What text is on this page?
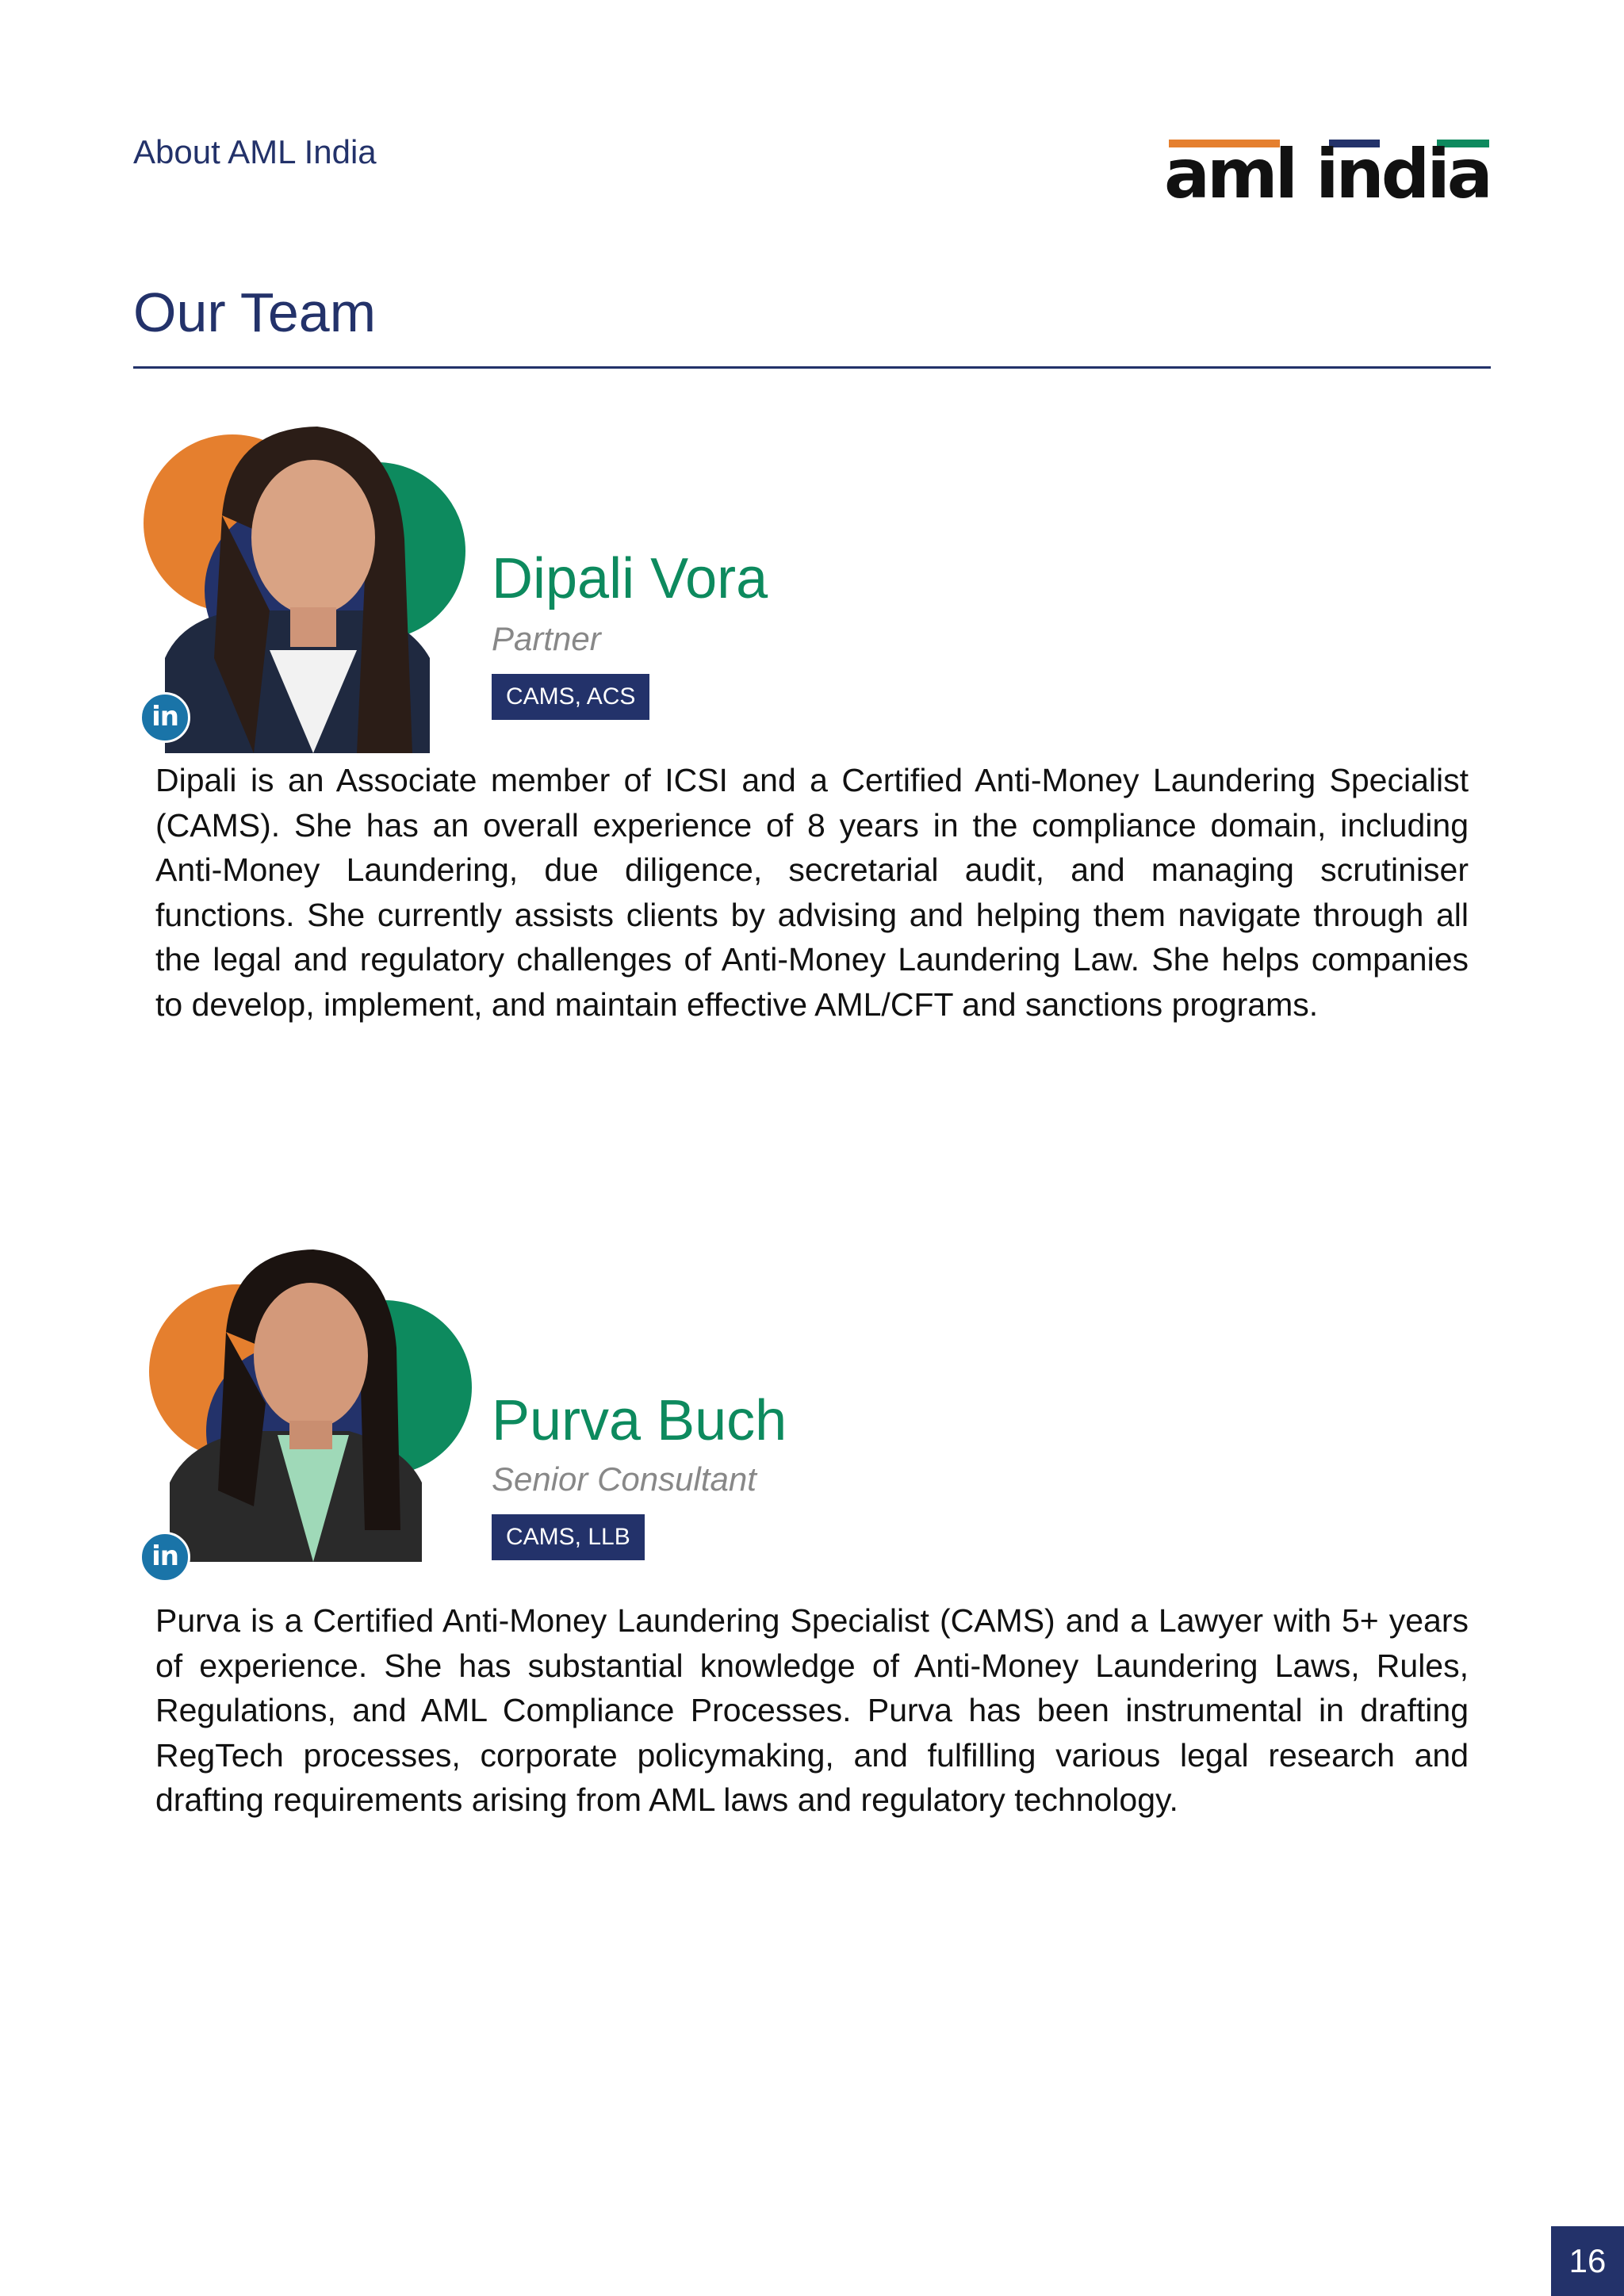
About AML India	aml india
Our Team
in
Dipali Vora
Partner
CAMS, ACS

Dipali is an Associate member of ICSI and a Certified Anti-Money Laundering Specialist (CAMS). She has an overall experience of 8 years in the compliance domain, including Anti-Money Laundering, due diligence, secretarial audit, and managing scrutiniser functions. She currently assists clients by advising and helping them navigate through all the legal and regulatory challenges of Anti-Money Laundering Law. She helps companies to develop, implement, and maintain effective AML/CFT and sanctions programs.

in
Purva Buch
Senior Consultant
CAMS, LLB

Purva is a Certified Anti-Money Laundering Specialist (CAMS) and a Lawyer with 5+ years of experience. She has substantial knowledge of Anti-Money Laundering Laws, Rules, Regulations, and AML Compliance Processes. Purva has been instrumental in drafting RegTech processes, corporate policymaking, and fulfilling various legal research and drafting requirements arising from AML laws and regulatory technology.

16
